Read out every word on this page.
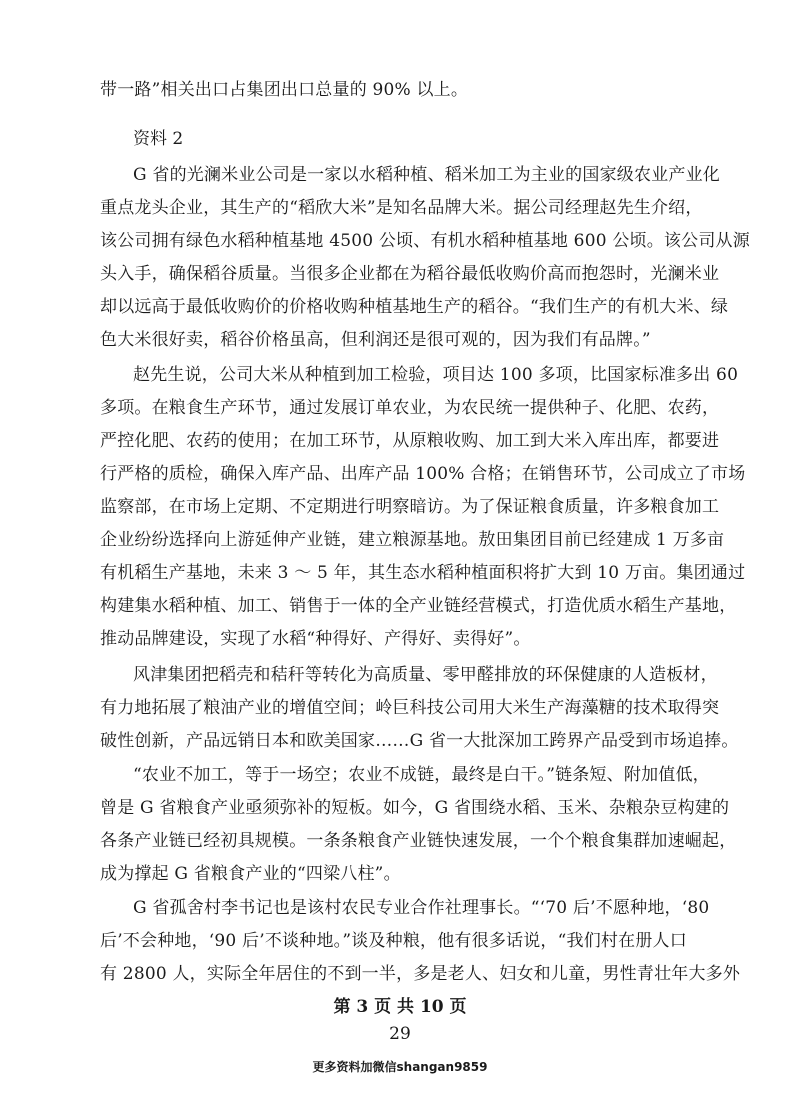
带一路”相关出口占集团出口总量的 90% 以上。
资料 2
G 省的光澜米业公司是一家以水稻种植、稻米加工为主业的国家级农业产业化
重点龙头企业，其生产的“稻欣大米”是知名品牌大米。据公司经理赵先生介绍，
该公司拥有绿色水稻种植基地 4500 公顷、有机水稻种植基地 600 公顷。该公司从源
头入手，确保稻谷质量。当很多企业都在为稻谷最低收购价高而抱怨时，光澜米业
却以远高于最低收购价的价格收购种植基地生产的稻谷。“我们生产的有机大米、绿
色大米很好卖，稻谷价格虽高，但利润还是很可观的，因为我们有品牌。”
赵先生说，公司大米从种植到加工检验，项目达 100 多项，比国家标准多出 60
多项。在粮食生产环节，通过发展订单农业，为农民统一提供种子、化肥、农药，
严控化肥、农药的使用；在加工环节，从原粮收购、加工到大米入库出库，都要进
行严格的质检，确保入库产品、出库产品 100% 合格；在销售环节，公司成立了市场
监察部，在市场上定期、不定期进行明察暗访。为了保证粮食质量，许多粮食加工
企业纷纷选择向上游延伸产业链，建立粮源基地。敖田集团目前已经建成 1 万多亩
有机稻生产基地，未来 3 ～ 5 年，其生态水稻种植面积将扩大到 10 万亩。集团通过
构建集水稻种植、加工、销售于一体的全产业链经营模式，打造优质水稻生产基地，
推动品牌建设，实现了水稻“种得好、产得好、卖得好”。
风津集团把稻壳和秸秆等转化为高质量、零甲醛排放的环保健康的人造板材，
有力地拓展了粮油产业的增值空间；岭巨科技公司用大米生产海藻糖的技术取得突
破性创新，产品远销日本和欧美国家……G 省一大批深加工跨界产品受到市场追捧。
“农业不加工，等于一场空；农业不成链，最终是白干。”链条短、附加值低，
曾是 G 省粮食产业亟须弥补的短板。如今，G 省围绕水稻、玉米、杂粮杂豆构建的
各条产业链已经初具规模。一条条粮食产业链快速发展，一个个粮食集群加速崛起，
成为撑起 G 省粮食产业的“四梁八柱”。
G 省孤舍村李书记也是该村农民专业合作社理事长。“‘70 后’不愿种地，‘80
后’不会种地，‘90 后’不谈种地。”谈及种粮，他有很多话说，“我们村在册人口
有 2800 人，实际全年居住的不到一半，多是老人、妇女和儿童，男性青壮年大多外
第 3 页 共 10 页
29
更多资料加微信shangan9859
